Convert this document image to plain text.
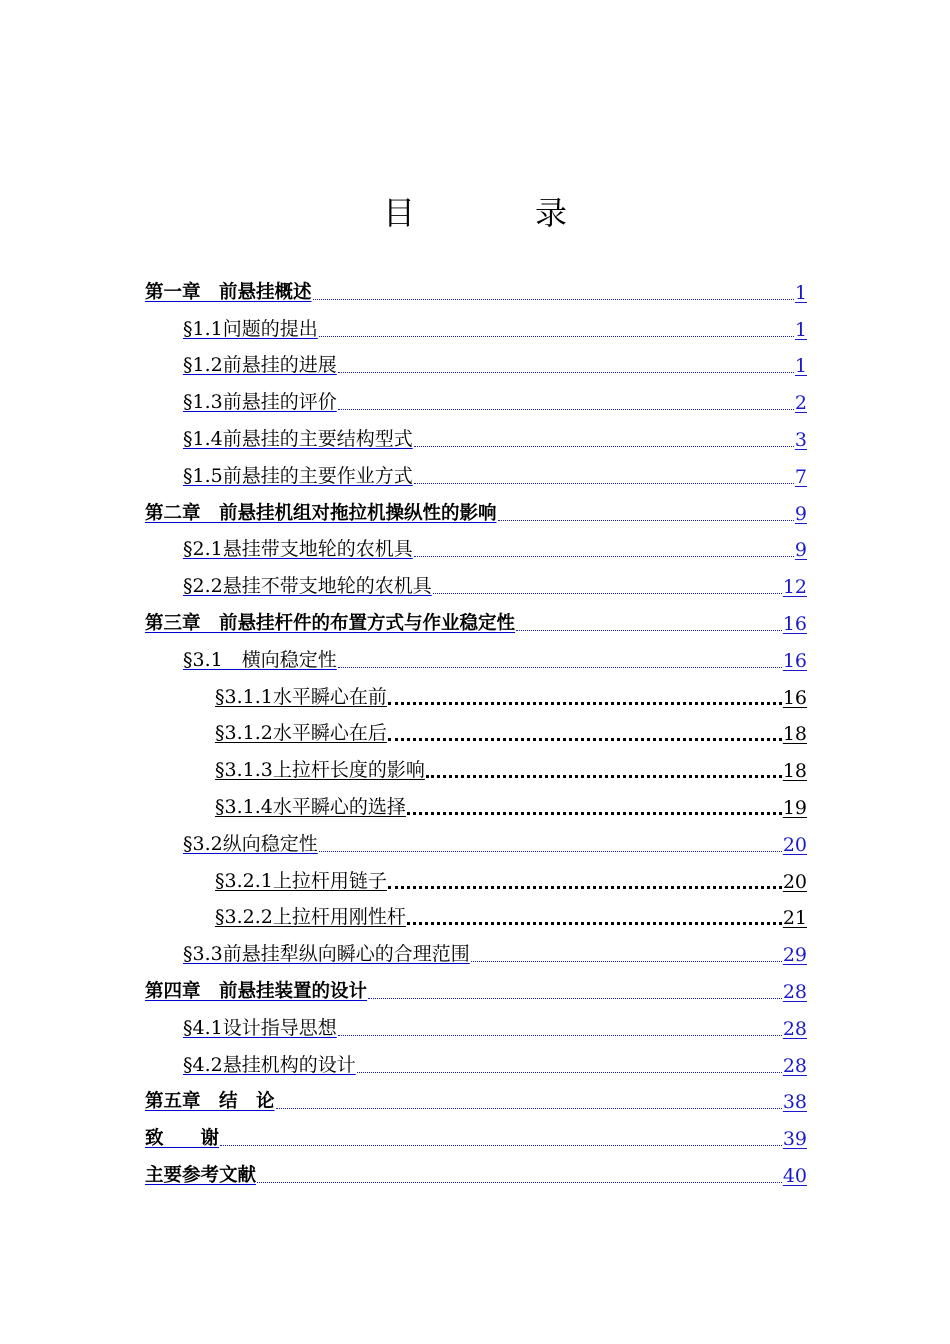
目　录
第一章　前悬挂概述	1
§1.1问题的提出	1
§1.2前悬挂的进展	1
§1.3前悬挂的评价	2
§1.4前悬挂的主要结构型式	3
§1.5前悬挂的主要作业方式	7
第二章　前悬挂机组对拖拉机操纵性的影响	9
§2.1悬挂带支地轮的农机具	9
§2.2悬挂不带支地轮的农机具	12
第三章　前悬挂杆件的布置方式与作业稳定性	16
§3.1　横向稳定性	16
§3.1.1水平瞬心在前	16
§3.1.2水平瞬心在后	18
§3.1.3上拉杆长度的影响	18
§3.1.4水平瞬心的选择	19
§3.2纵向稳定性	20
§3.2.1上拉杆用链子	20
§3.2.2上拉杆用刚性杆	21
§3.3前悬挂犁纵向瞬心的合理范围	29
第四章　前悬挂装置的设计	28
§4.1设计指导思想	28
§4.2悬挂机构的设计	28
第五章　结　论	38
致　　谢	39
主要参考文献	40
